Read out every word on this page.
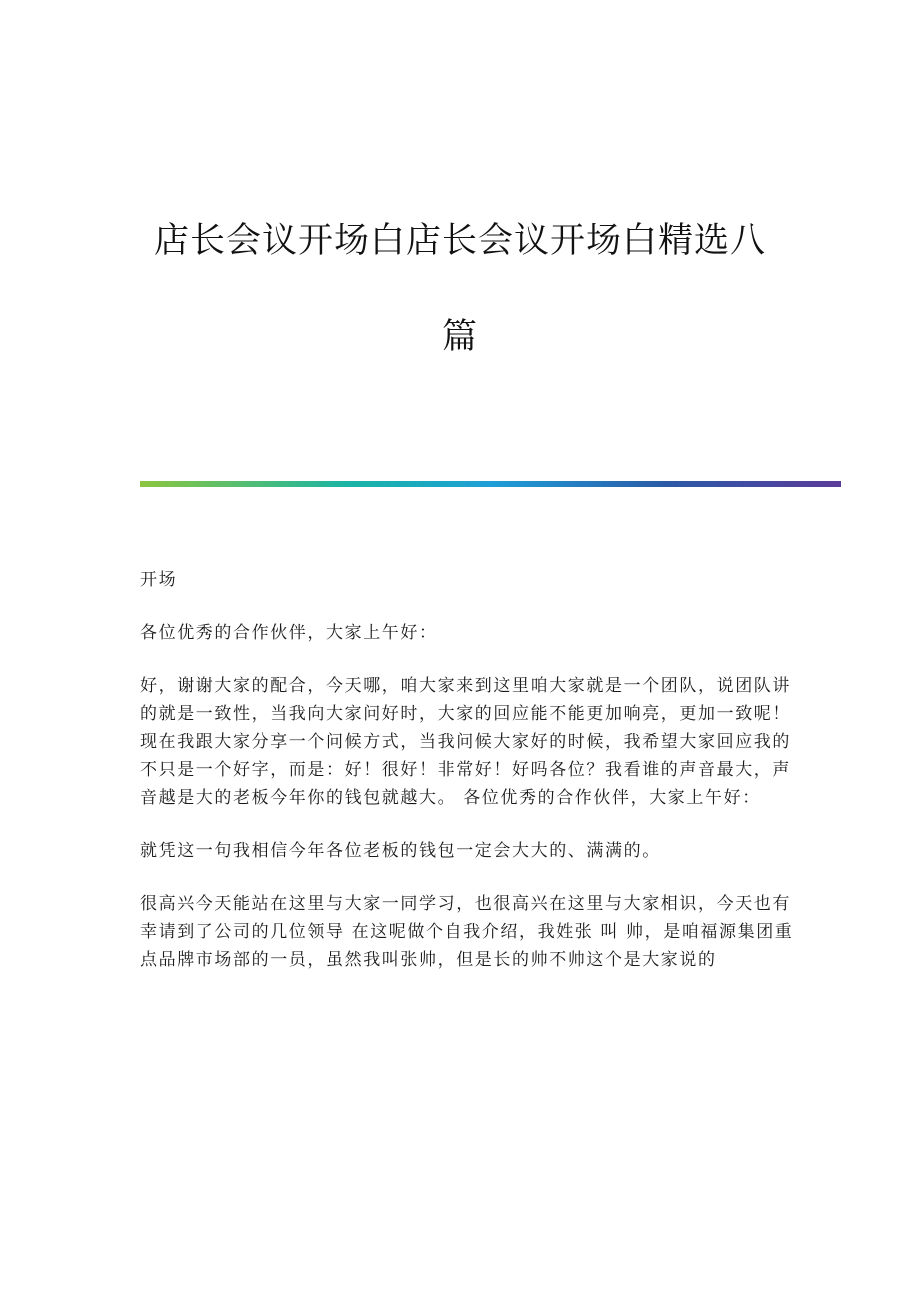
店长会议开场白店长会议开场白精选八
篇

开场

各位优秀的合作伙伴，大家上午好：

好，谢谢大家的配合，今天哪，咱大家来到这里咱大家就是一个团队，说团队讲的就是一致性，当我向大家问好时，大家的回应能不能更加响亮，更加一致呢！现在我跟大家分享一个问候方式，当我问候大家好的时候，我希望大家回应我的不只是一个好字，而是：好！很好！非常好！好吗各位？我看谁的声音最大，声音越是大的老板今年你的钱包就越大。 各位优秀的合作伙伴，大家上午好：

就凭这一句我相信今年各位老板的钱包一定会大大的、满满的。

很高兴今天能站在这里与大家一同学习，也很高兴在这里与大家相识，今天也有幸请到了公司的几位领导 在这呢做个自我介绍，我姓张 叫 帅，是咱福源集团重点品牌市场部的一员，虽然我叫张帅，但是长的帅不帅这个是大家说的
